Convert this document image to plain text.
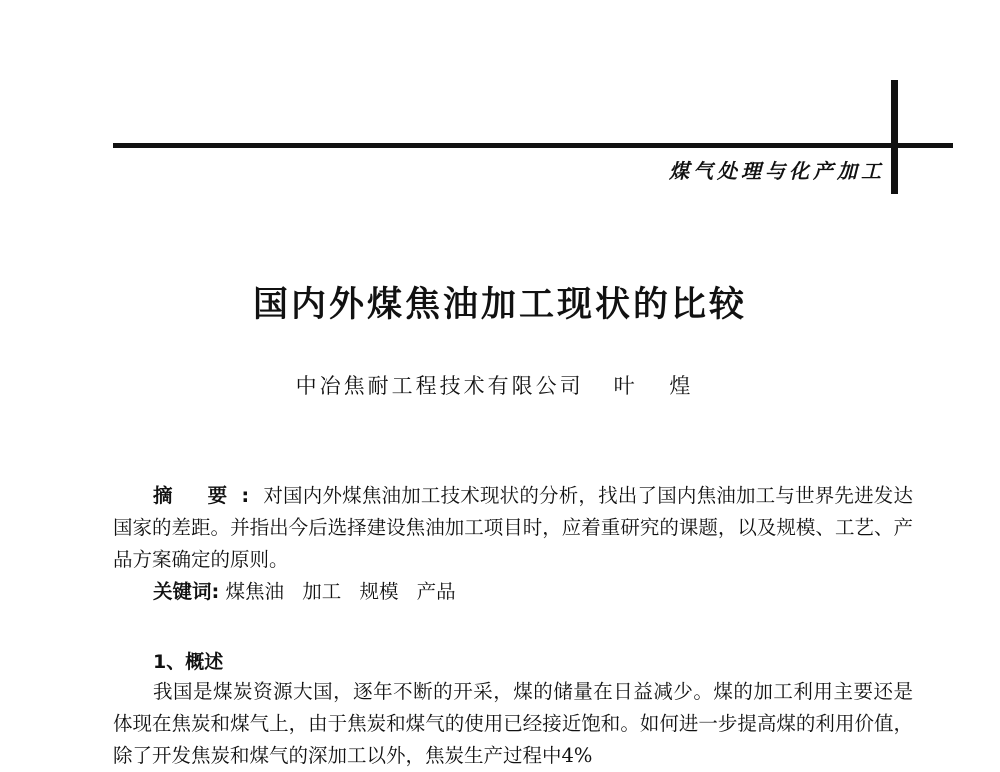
煤气处理与化产加工
国内外煤焦油加工现状的比较
中冶焦耐工程技术有限公司 叶 煌
摘 要:对国内外煤焦油加工技术现状的分析，找出了国内焦油加工与世界先进发达国家的差距。并指出今后选择建设焦油加工项目时，应着重研究的课题，以及规模、工艺、产品方案确定的原则。
关键词: 煤焦油 加工 规模 产品
1、概述
我国是煤炭资源大国，逐年不断的开采，煤的储量在日益减少。煤的加工利用主要还是体现在焦炭和煤气上，由于焦炭和煤气的使用已经接近饱和。如何进一步提高煤的利用价值，除了开发焦炭和煤气的深加工以外，焦炭生产过程中4%
